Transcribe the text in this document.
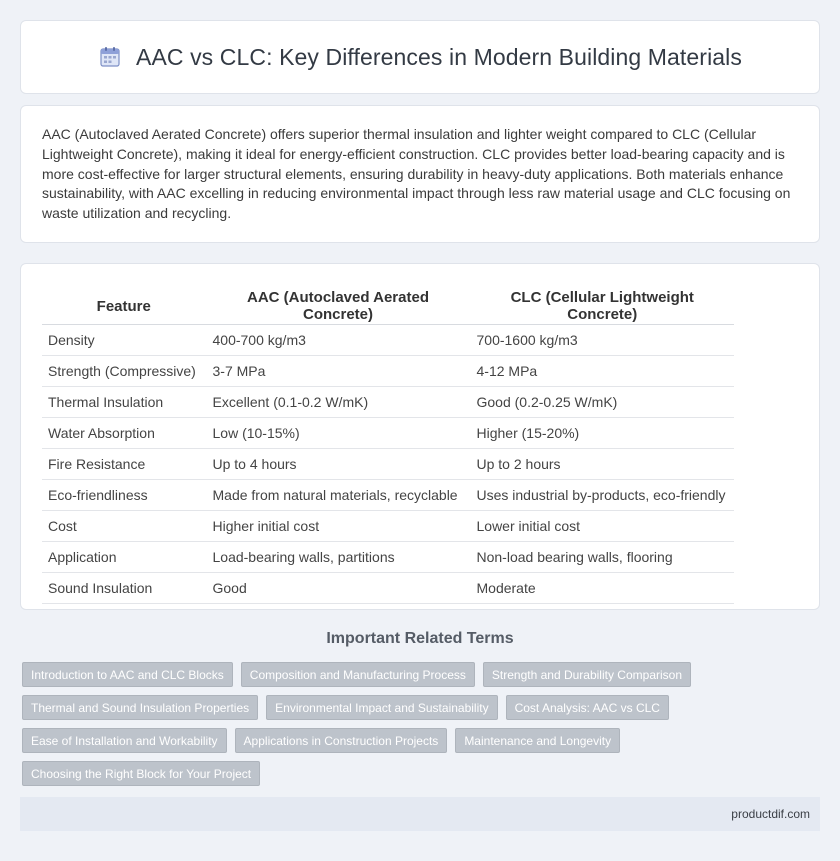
AAC vs CLC: Key Differences in Modern Building Materials

AAC (Autoclaved Aerated Concrete) offers superior thermal insulation and lighter weight compared to CLC (Cellular Lightweight Concrete), making it ideal for energy-efficient construction. CLC provides better load-bearing capacity and is more cost-effective for larger structural elements, ensuring durability in heavy-duty applications. Both materials enhance sustainability, with AAC excelling in reducing environmental impact through less raw material usage and CLC focusing on waste utilization and recycling.

Feature	AAC (Autoclaved Aerated Concrete)	CLC (Cellular Lightweight Concrete)
Density	400-700 kg/m3	700-1600 kg/m3
Strength (Compressive)	3-7 MPa	4-12 MPa
Thermal Insulation	Excellent (0.1-0.2 W/mK)	Good (0.2-0.25 W/mK)
Water Absorption	Low (10-15%)	Higher (15-20%)
Fire Resistance	Up to 4 hours	Up to 2 hours
Eco-friendliness	Made from natural materials, recyclable	Uses industrial by-products, eco-friendly
Cost	Higher initial cost	Lower initial cost
Application	Load-bearing walls, partitions	Non-load bearing walls, flooring
Sound Insulation	Good	Moderate
Important Related Terms
Introduction to AAC and CLC Blocks	Composition and Manufacturing Process	Strength and Durability Comparison
Thermal and Sound Insulation Properties	Environmental Impact and Sustainability	Cost Analysis: AAC vs CLC
Ease of Installation and Workability	Applications in Construction Projects	Maintenance and Longevity
Choosing the Right Block for Your Project
productdif.com
